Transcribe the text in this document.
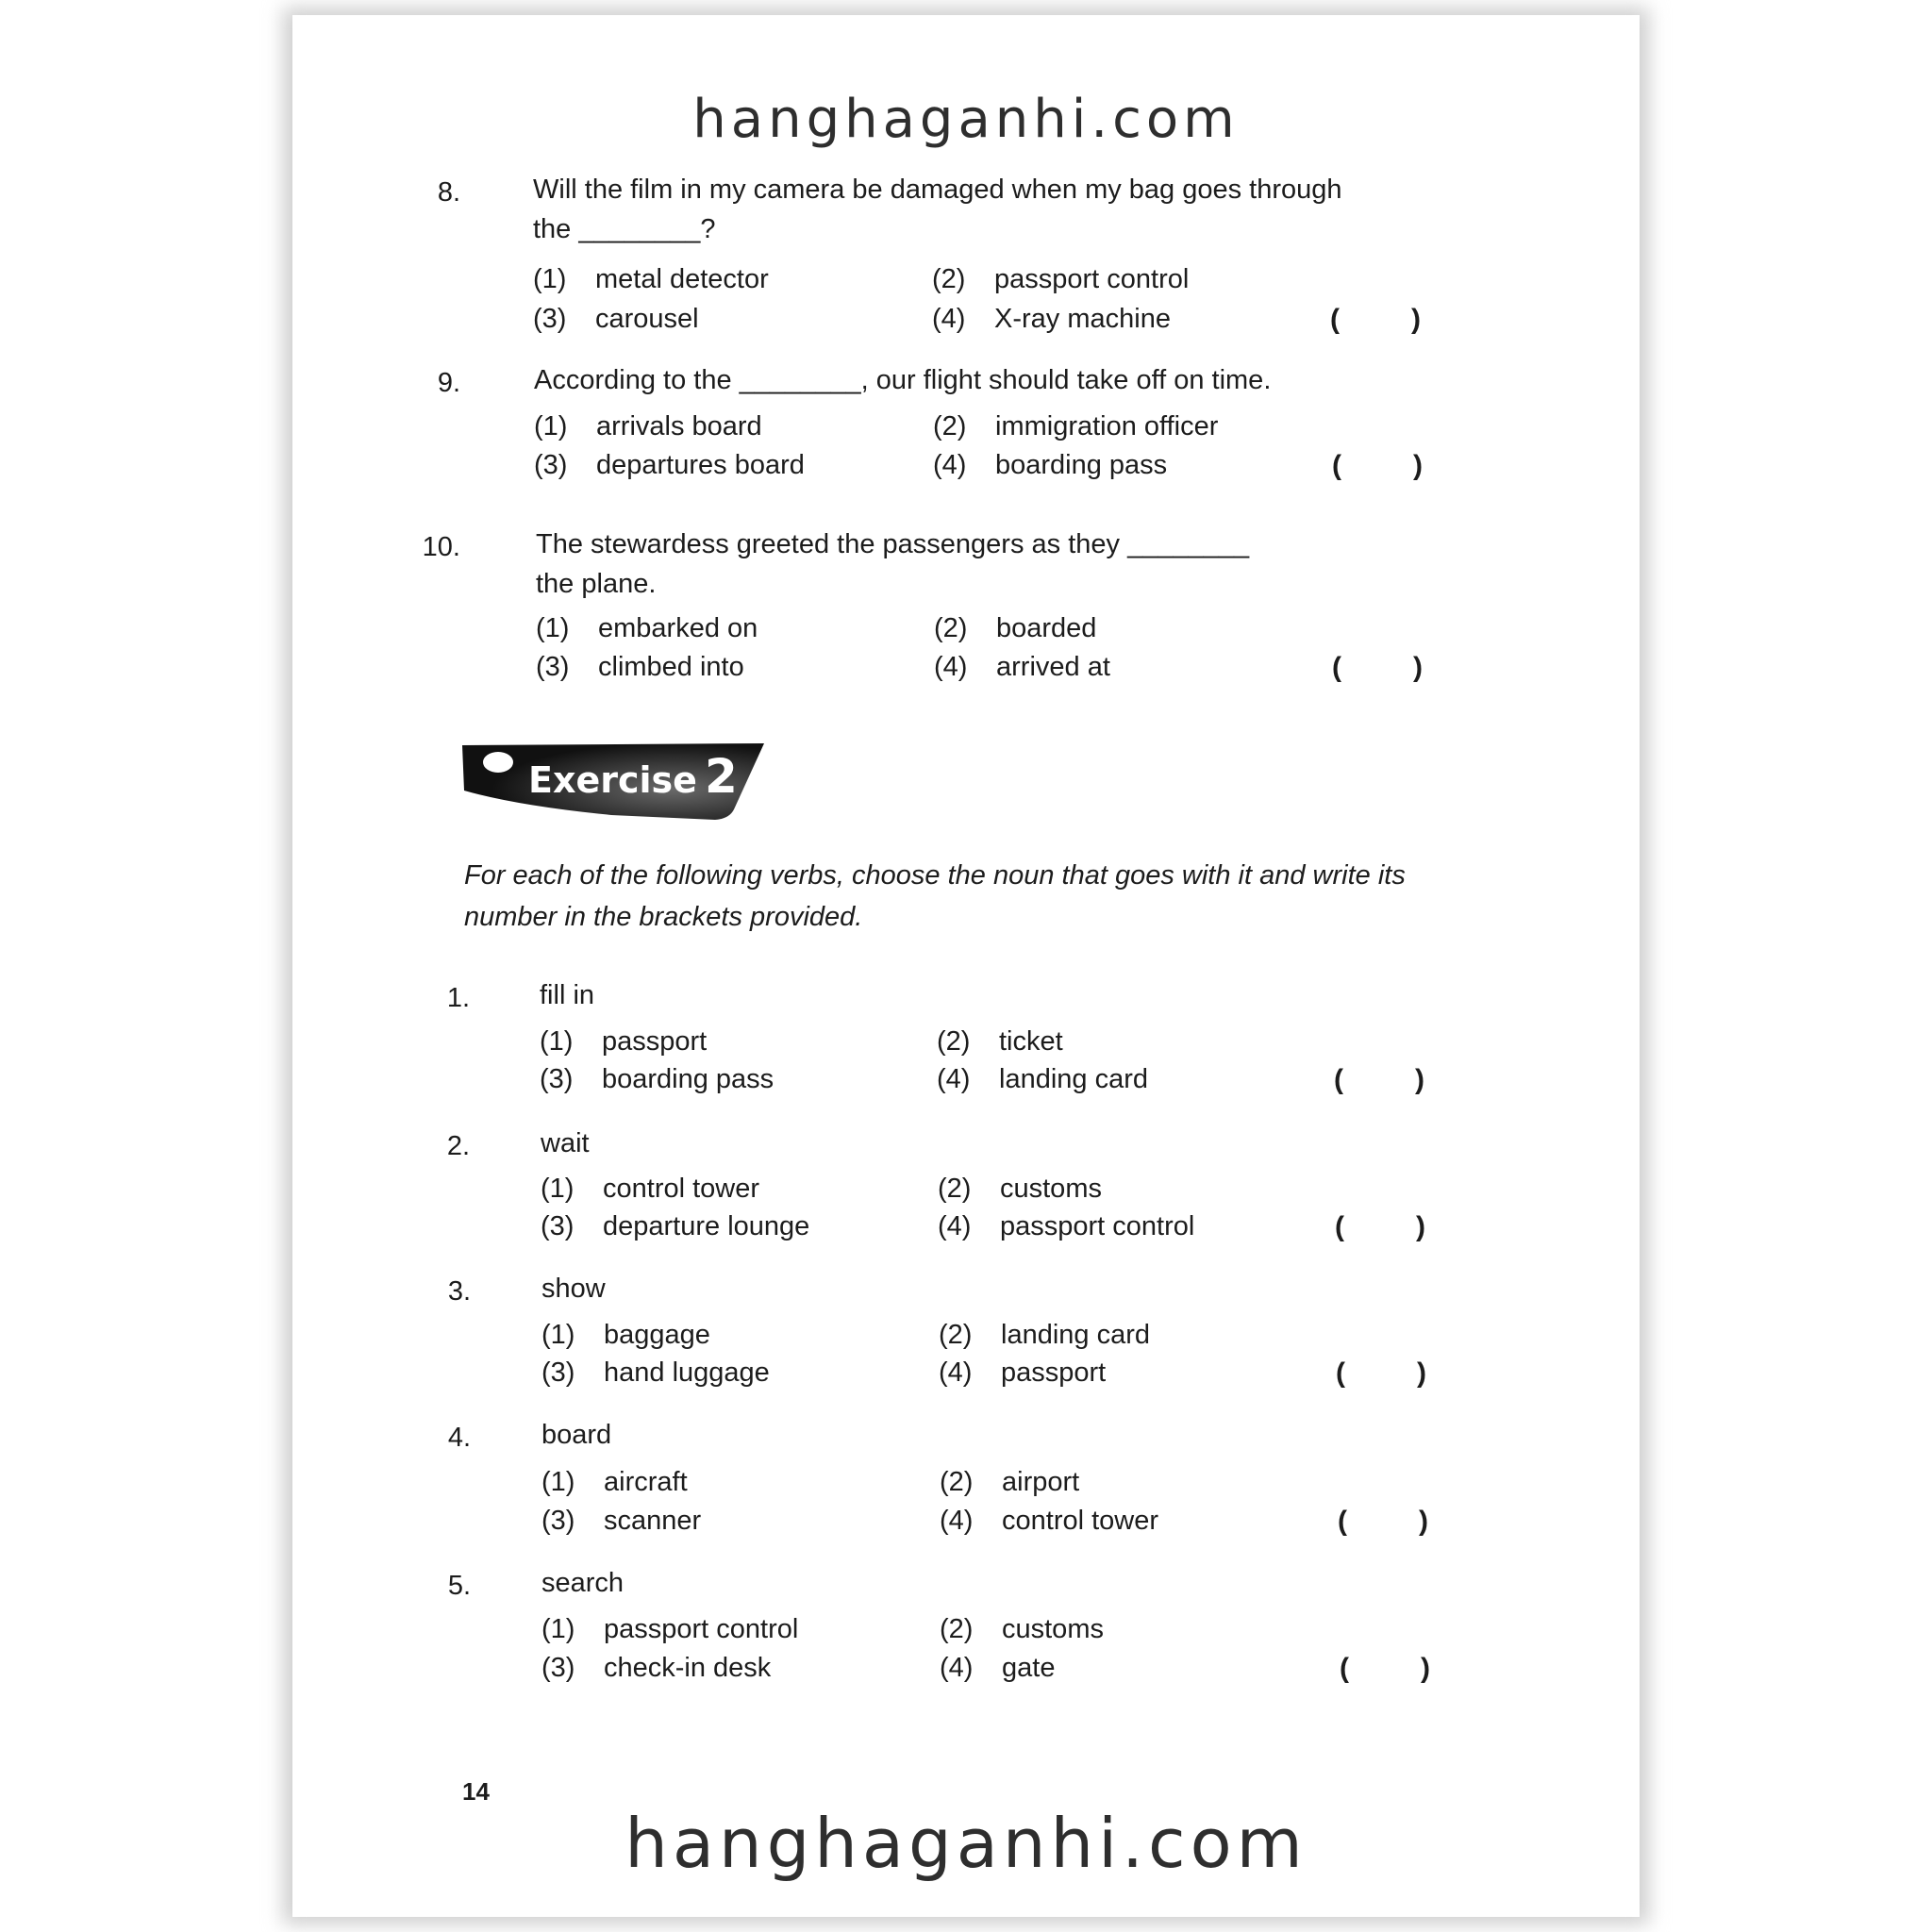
hanghaganhi.com
8.	Will the film in my camera be damaged when my bag goes through
the ________?
(1) metal detector	(2) passport control
(3) carousel	(4) X-ray machine	(	)
9.	According to the ________, our flight should take off on time.
(1) arrivals board	(2) immigration officer
(3) departures board	(4) boarding pass	(	)
10.	The stewardess greeted the passengers as they ________
the plane.
(1) embarked on	(2) boarded
(3) climbed into	(4) arrived at	(	)
Exercise 2
For each of the following verbs, choose the noun that goes with it and write its number in the brackets provided.
1.	fill in
(1) passport	(2) ticket
(3) boarding pass	(4) landing card	(	)
2.	wait
(1) control tower	(2) customs
(3) departure lounge	(4) passport control	(	)
3.	show
(1) baggage	(2) landing card
(3) hand luggage	(4) passport	(	)
4.	board
(1) aircraft	(2) airport
(3) scanner	(4) control tower	(	)
5.	search
(1) passport control	(2) customs
(3) check-in desk	(4) gate	(	)
14
hanghaganhi.com
